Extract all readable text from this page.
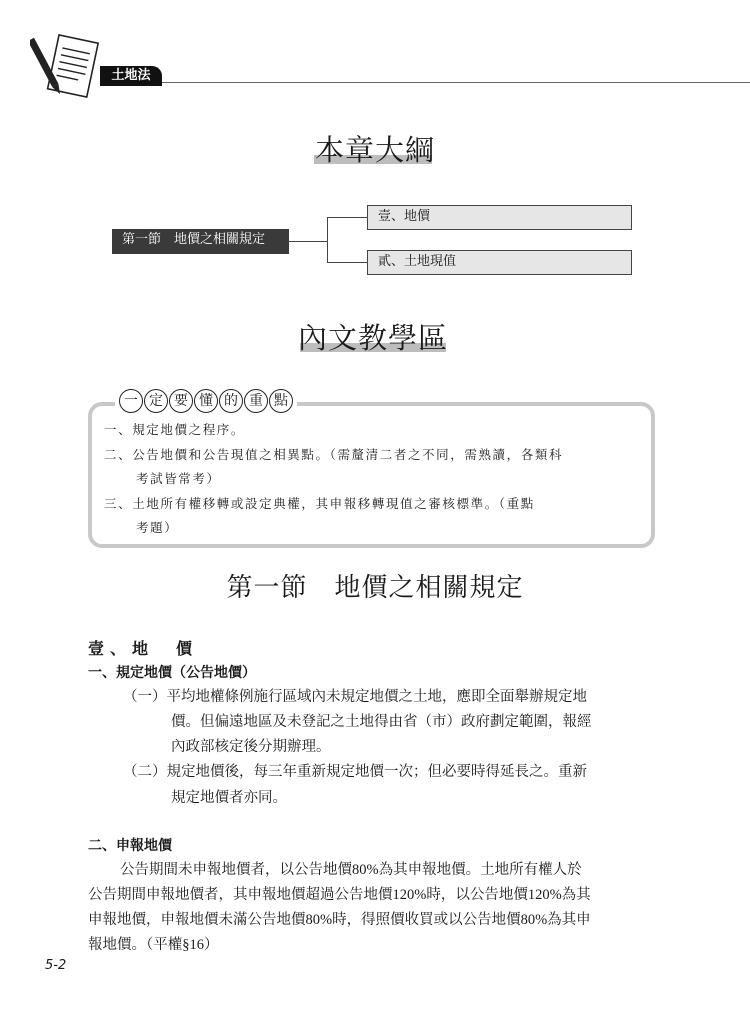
土地法
本章大綱
第一節　地價之相關規定
壹、地價
貳、土地現值
內文教學區
一 定 要 懂 的 重 點
一、規定地價之程序。
二、公告地價和公告現值之相異點。（需釐清二者之不同，需熟讀，各類科
考試皆常考）
三、土地所有權移轉或設定典權，其申報移轉現值之審核標準。（重點
考題）
第一節　地價之相關規定
壹、地　價
一、規定地價（公告地價）
（一）平均地權條例施行區域內未規定地價之土地，應即全面舉辦規定地
價。但偏遠地區及未登記之土地得由省（市）政府劃定範圍，報經
內政部核定後分期辦理。
（二）規定地價後，每三年重新規定地價一次；但必要時得延長之。重新
規定地價者亦同。
二、申報地價
公告期間未申報地價者，以公告地價80%為其申報地價。土地所有權人於
公告期間申報地價者，其申報地價超過公告地價120%時，以公告地價120%為其
申報地價，申報地價未滿公告地價80%時，得照價收買或以公告地價80%為其申
報地價。（平權§16）
5-2
